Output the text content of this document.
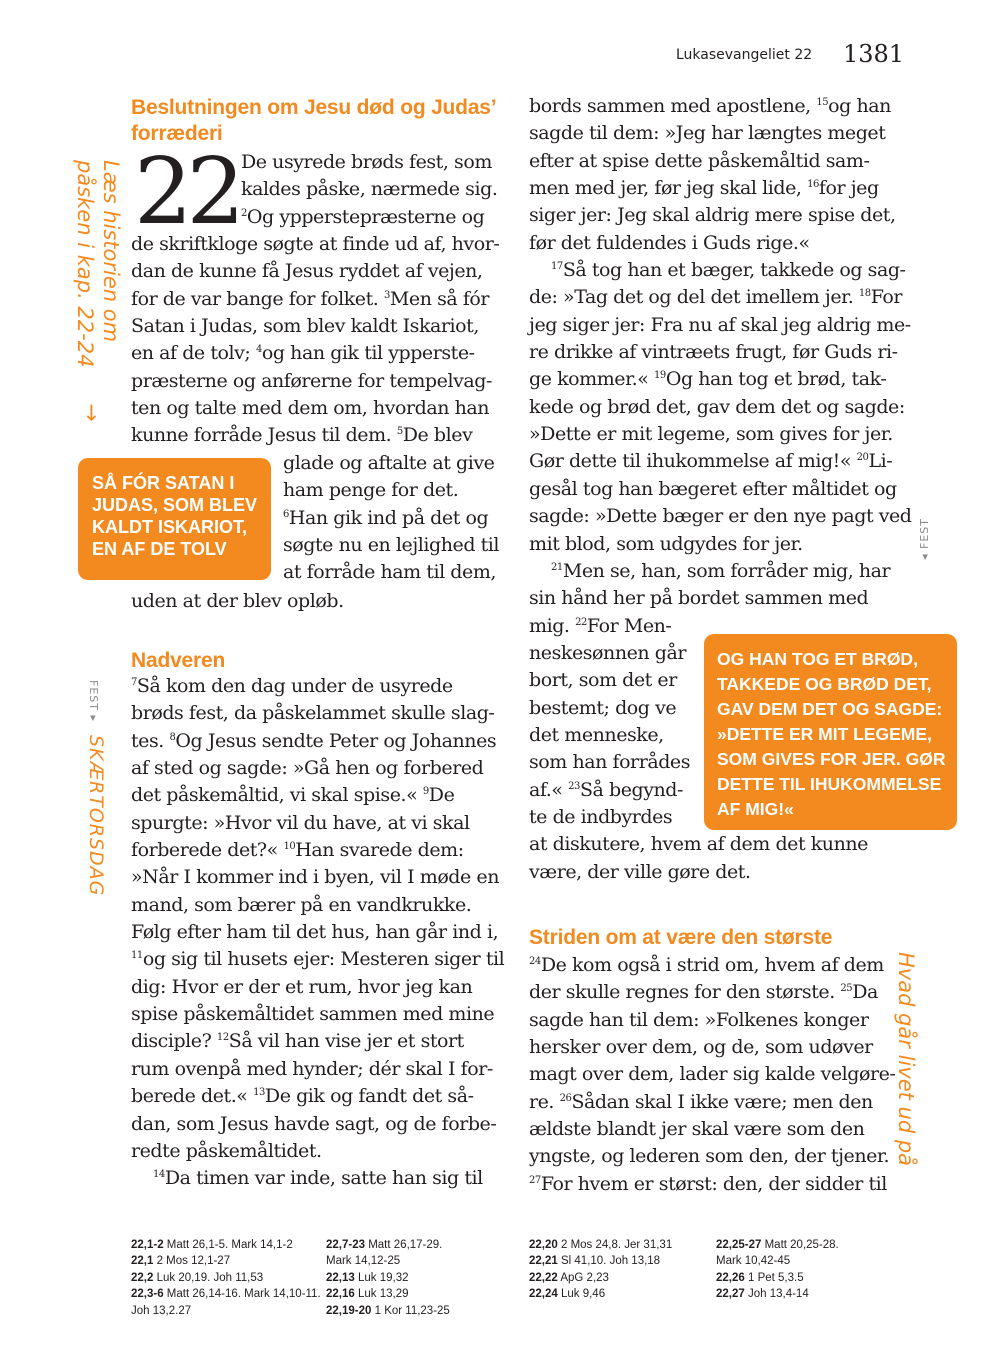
Lukasevangeliet 22 1381
Læs historien om
påsken i kap. 22-24
→
FEST ▸
SKÆRTORSDAG
◂ FEST
Hvad går livet ud på
Beslutningen om Jesu død og Judas’
forræderi
22 De usyrede brøds fest, som
kaldes påske, nærmede sig.
$^2$Og ypperstepræsterne og
de skriftkloge søgte at finde ud af, hvor-
dan de kunne få Jesus ryddet af vejen,
for de var bange for folket. $^3$Men så fór
Satan i Judas, som blev kaldt Iskariot,
en af de tolv; $^4$og han gik til ypperste-
præsterne og anførerne for tempelvag-
ten og talte med dem om, hvordan han
kunne forråde Jesus til dem. $^5$De blev
SÅ FÓR SATAN I
JUDAS, SOM BLEV
KALDT ISKARIOT,
EN AF DE TOLV
glade og aftalte at give
ham penge for det.
$^6$Han gik ind på det og
søgte nu en lejlighed til
at forråde ham til dem,
uden at der blev opløb.
Nadveren
$^7$Så kom den dag under de usyrede
brøds fest, da påskelammet skulle slag-
tes. $^8$Og Jesus sendte Peter og Johannes
af sted og sagde: »Gå hen og forbered
det påskemåltid, vi skal spise.« $^9$De
spurgte: »Hvor vil du have, at vi skal
forberede det?« $^{10}$Han svarede dem:
»Når I kommer ind i byen, vil I møde en
mand, som bærer på en vandkrukke.
Følg efter ham til det hus, han går ind i,
$^{11}$og sig til husets ejer: Mesteren siger til
dig: Hvor er der et rum, hvor jeg kan
spise påskemåltidet sammen med mine
disciple? $^{12}$Så vil han vise jer et stort
rum ovenpå med hynder; dér skal I for-
berede det.« $^{13}$De gik og fandt det så-
dan, som Jesus havde sagt, og de forbe-
redte påskemåltidet.
$^{14}$Da timen var inde, satte han sig til
bords sammen med apostlene, $^{15}$og han
sagde til dem: »Jeg har længtes meget
efter at spise dette påskemåltid sam-
men med jer, før jeg skal lide, $^{16}$for jeg
siger jer: Jeg skal aldrig mere spise det,
før det fuldendes i Guds rige.«
$^{17}$Så tog han et bæger, takkede og sag-
de: »Tag det og del det imellem jer. $^{18}$For
jeg siger jer: Fra nu af skal jeg aldrig me-
re drikke af vintræets frugt, før Guds ri-
ge kommer.« $^{19}$Og han tog et brød, tak-
kede og brød det, gav dem det og sagde:
»Dette er mit legeme, som gives for jer.
Gør dette til ihukommelse af mig!« $^{20}$Li-
gesål tog han bægeret efter måltidet og
sagde: »Dette bæger er den nye pagt ved
mit blod, som udgydes for jer.
$^{21}$Men se, han, som forråder mig, har
sin hånd her på bordet sammen med
mig. $^{22}$For Men-
neskesønnen går
bort, som det er
bestemt; dog ve
det menneske,
som han forrådes
af.« $^{23}$Så begynd-
te de indbyrdes
at diskutere, hvem af dem det kunne
være, der ville gøre det.
OG HAN TOG ET BRØD,
TAKKEDE OG BRØD DET,
GAV DEM DET OG SAGDE:
»DETTE ER MIT LEGEME,
SOM GIVES FOR JER. GØR
DETTE TIL IHUKOMMELSE
AF MIG!«
Striden om at være den største
$^{24}$De kom også i strid om, hvem af dem
der skulle regnes for den største. $^{25}$Da
sagde han til dem: »Folkenes konger
hersker over dem, og de, som udøver
magt over dem, lader sig kalde velgøre-
re. $^{26}$Sådan skal I ikke være; men den
ældste blandt jer skal være som den
yngste, og lederen som den, der tjener.
$^{27}$For hvem er størst: den, der sidder til
22,1-2 Matt 26,1-5. Mark 14,1-2
22,1 2 Mos 12,1-27
22,2 Luk 20,19. Joh 11,53
22,3-6 Matt 26,14-16. Mark 14,10-11.
Joh 13,2.27
22,7-23 Matt 26,17-29.
Mark 14,12-25
22,13 Luk 19,32
22,16 Luk 13,29
22,19-20 1 Kor 11,23-25
22,20 2 Mos 24,8. Jer 31,31
22,21 Sl 41,10. Joh 13,18
22,22 ApG 2,23
22,24 Luk 9,46
22,25-27 Matt 20,25-28.
Mark 10,42-45
22,26 1 Pet 5,3.5
22,27 Joh 13,4-14
